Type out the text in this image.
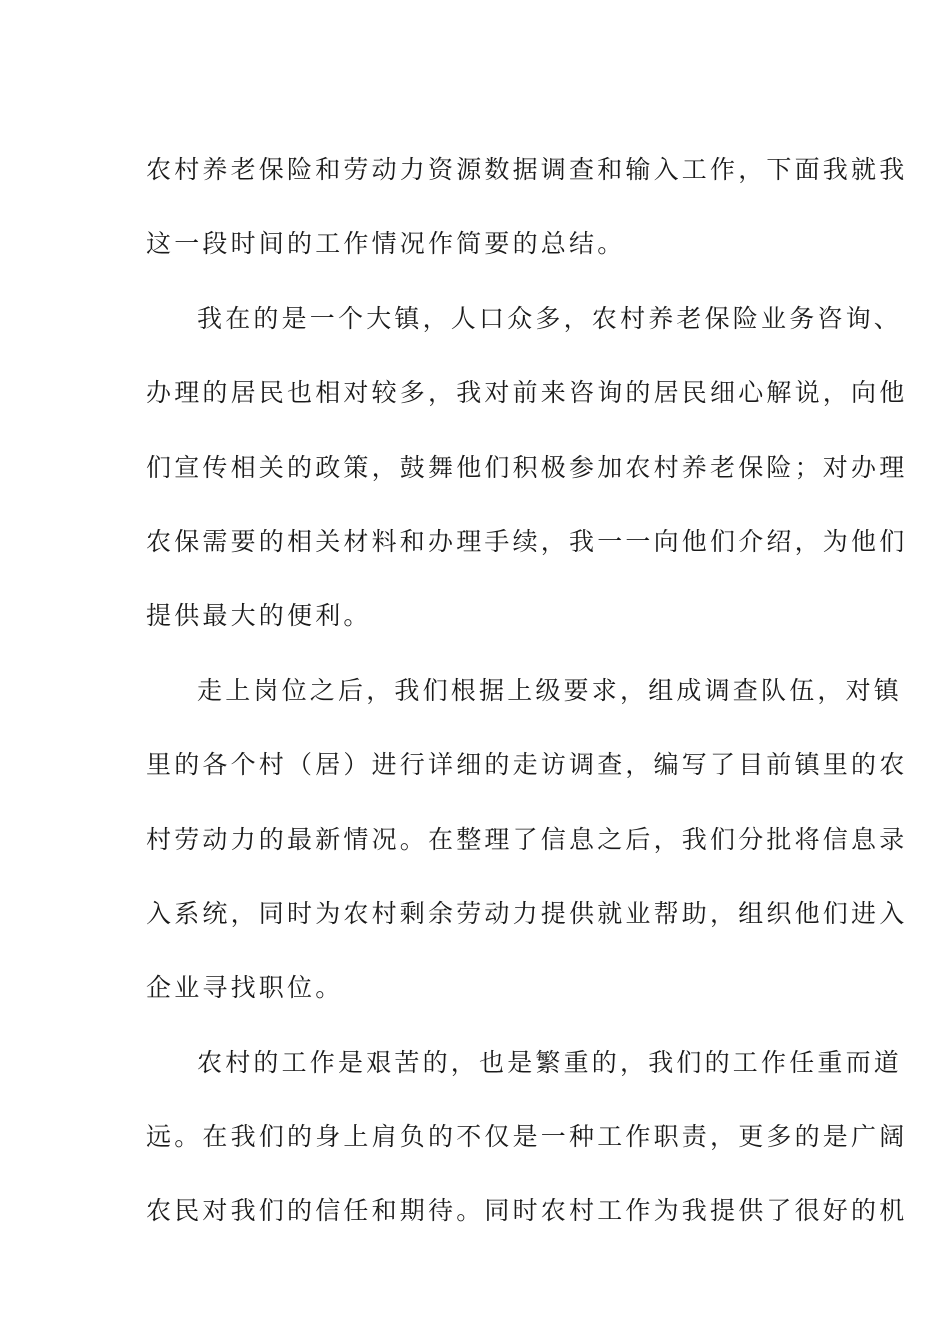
农村养老保险和劳动力资源数据调查和输入工作，下面我就我
这一段时间的工作情况作简要的总结。
我在的是一个大镇，人口众多，农村养老保险业务咨询、
办理的居民也相对较多，我对前来咨询的居民细心解说，向他
们宣传相关的政策，鼓舞他们积极参加农村养老保险；对办理
农保需要的相关材料和办理手续，我一一向他们介绍，为他们
提供最大的便利。
走上岗位之后，我们根据上级要求，组成调查队伍，对镇
里的各个村（居）进行详细的走访调查，编写了目前镇里的农
村劳动力的最新情况。在整理了信息之后，我们分批将信息录
入系统，同时为农村剩余劳动力提供就业帮助，组织他们进入
企业寻找职位。
农村的工作是艰苦的，也是繁重的，我们的工作任重而道
远。在我们的身上肩负的不仅是一种工作职责，更多的是广阔
农民对我们的信任和期待。同时农村工作为我提供了很好的机
